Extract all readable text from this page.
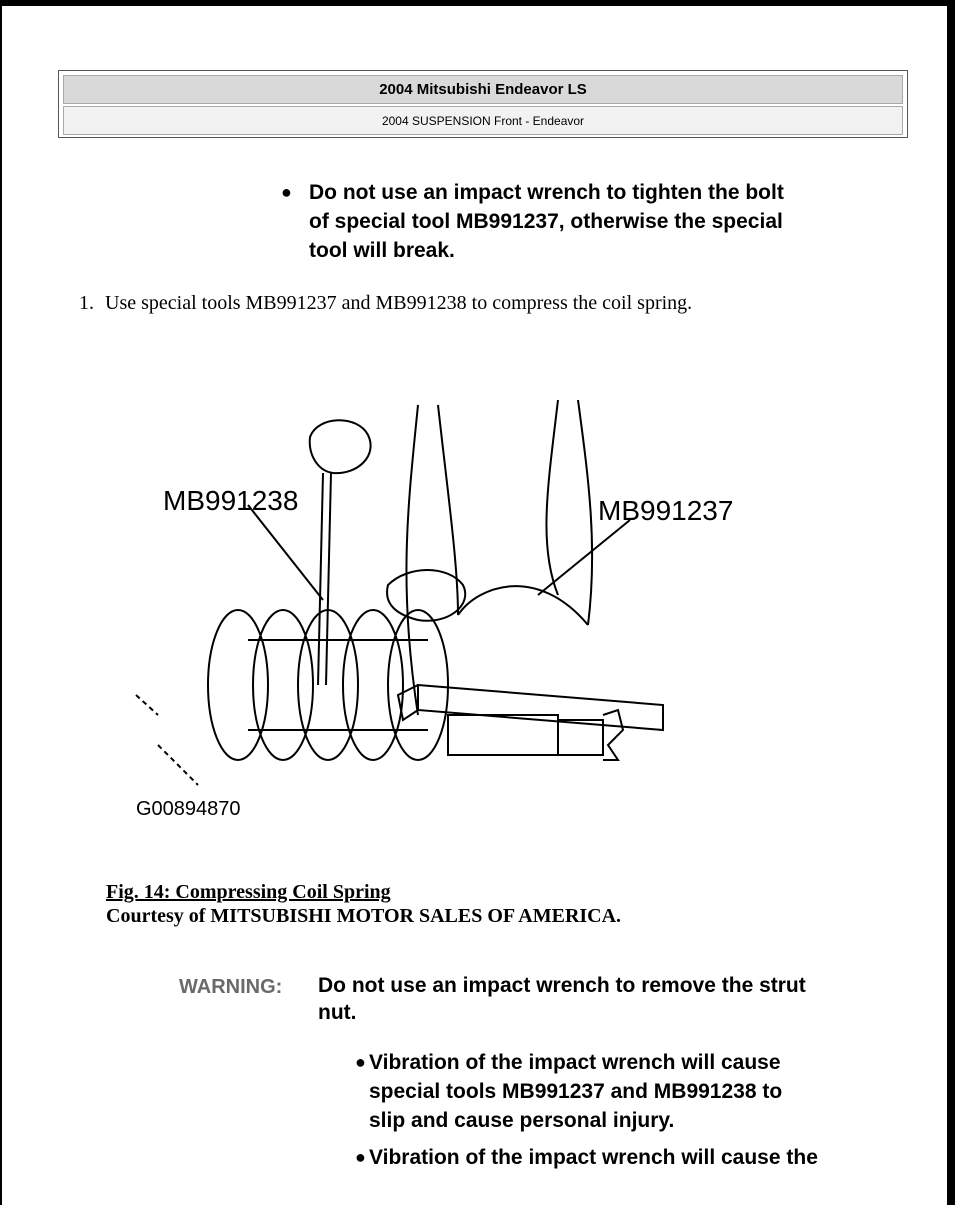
2004 Mitsubishi Endeavor LS
2004 SUSPENSION Front - Endeavor
● Do not use an impact wrench to tighten the bolt
of special tool MB991237, otherwise the special
tool will break.
1. Use special tools MB991237 and MB991238 to compress the coil spring.
MB991238	MB991237
G00894870
Fig. 14: Compressing Coil Spring
Courtesy of MITSUBISHI MOTOR SALES OF AMERICA.
WARNING: Do not use an impact wrench to remove the strut
nut.
● Vibration of the impact wrench will cause
special tools MB991237 and MB991238 to
slip and cause personal injury.
● Vibration of the impact wrench will cause the
